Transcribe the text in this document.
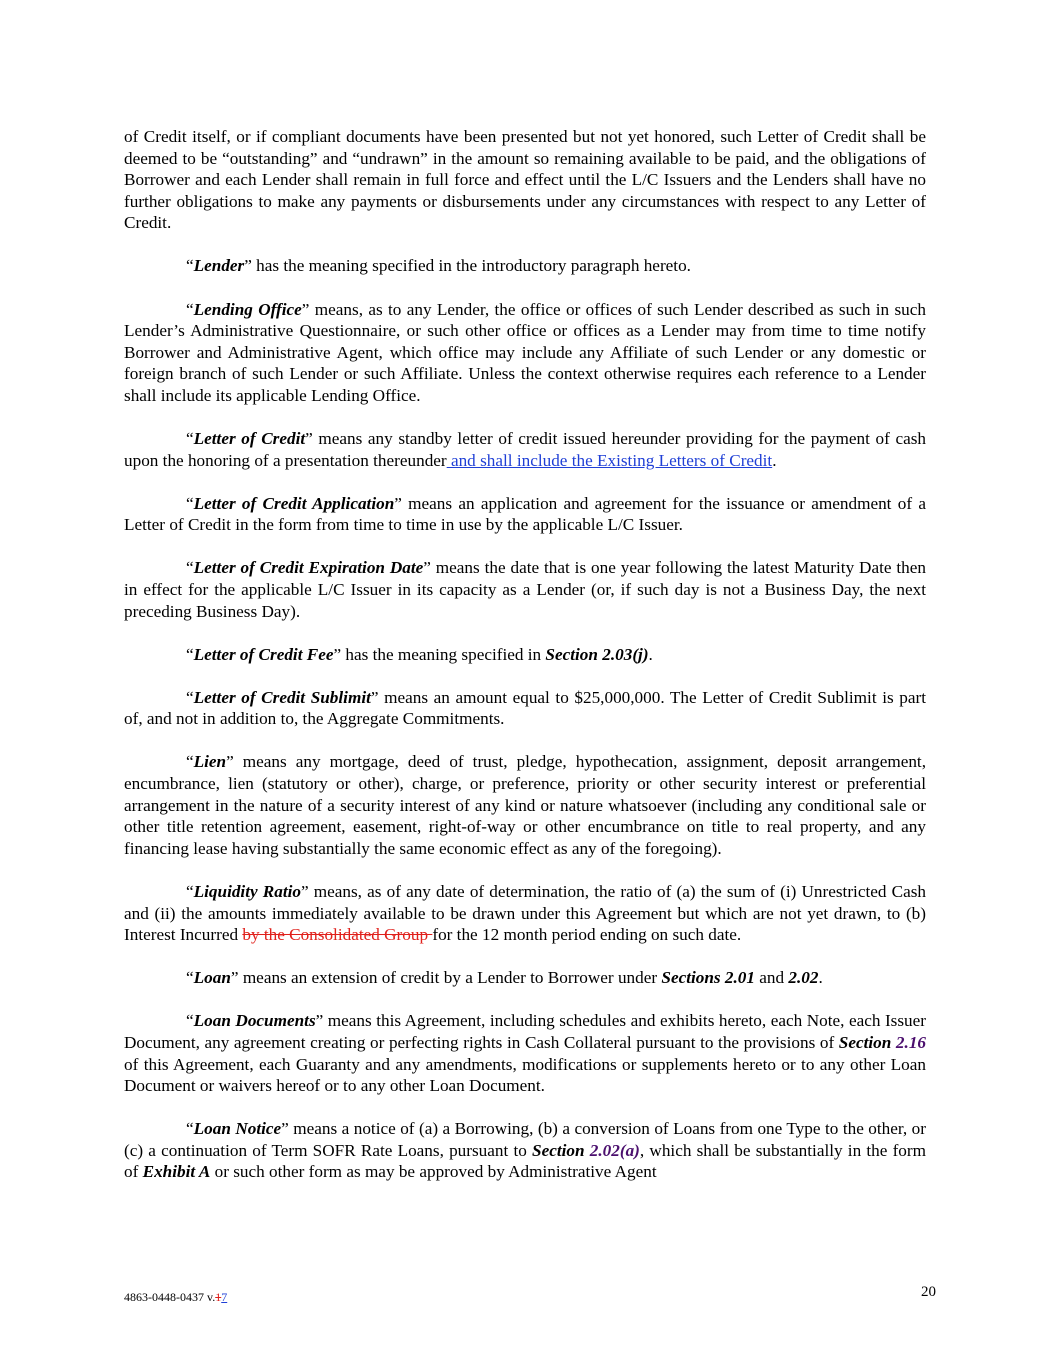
of Credit itself, or if compliant documents have been presented but not yet honored, such Letter of Credit shall be deemed to be “outstanding” and “undrawn” in the amount so remaining available to be paid, and the obligations of Borrower and each Lender shall remain in full force and effect until the L/C Issuers and the Lenders shall have no further obligations to make any payments or disbursements under any circumstances with respect to any Letter of Credit.

“Lender” has the meaning specified in the introductory paragraph hereto.

“Lending Office” means, as to any Lender, the office or offices of such Lender described as such in such Lender’s Administrative Questionnaire, or such other office or offices as a Lender may from time to time notify Borrower and Administrative Agent, which office may include any Affiliate of such Lender or any domestic or foreign branch of such Lender or such Affiliate. Unless the context otherwise requires each reference to a Lender shall include its applicable Lending Office.

“Letter of Credit” means any standby letter of credit issued hereunder providing for the payment of cash upon the honoring of a presentation thereunder and shall include the Existing Letters of Credit.

“Letter of Credit Application” means an application and agreement for the issuance or amendment of a Letter of Credit in the form from time to time in use by the applicable L/C Issuer.

“Letter of Credit Expiration Date” means the date that is one year following the latest Maturity Date then in effect for the applicable L/C Issuer in its capacity as a Lender (or, if such day is not a Business Day, the next preceding Business Day).

“Letter of Credit Fee” has the meaning specified in Section 2.03(j).

“Letter of Credit Sublimit” means an amount equal to $25,000,000. The Letter of Credit Sublimit is part of, and not in addition to, the Aggregate Commitments.

“Lien” means any mortgage, deed of trust, pledge, hypothecation, assignment, deposit arrangement, encumbrance, lien (statutory or other), charge, or preference, priority or other security interest or preferential arrangement in the nature of a security interest of any kind or nature whatsoever (including any conditional sale or other title retention agreement, easement, right-of-way or other encumbrance on title to real property, and any financing lease having substantially the same economic effect as any of the foregoing).

“Liquidity Ratio” means, as of any date of determination, the ratio of (a) the sum of (i) Unrestricted Cash and (ii) the amounts immediately available to be drawn under this Agreement but which are not yet drawn, to (b) Interest Incurred by the Consolidated Group for the 12 month period ending on such date.

“Loan” means an extension of credit by a Lender to Borrower under Sections 2.01 and 2.02.

“Loan Documents” means this Agreement, including schedules and exhibits hereto, each Note, each Issuer Document, any agreement creating or perfecting rights in Cash Collateral pursuant to the provisions of Section 2.16 of this Agreement, each Guaranty and any amendments, modifications or supplements hereto or to any other Loan Document or waivers hereof or to any other Loan Document.

“Loan Notice” means a notice of (a) a Borrowing, (b) a conversion of Loans from one Type to the other, or (c) a continuation of Term SOFR Rate Loans, pursuant to Section 2.02(a), which shall be substantially in the form of Exhibit A or such other form as may be approved by Administrative Agent

4863-0448-0437 v.17	20
